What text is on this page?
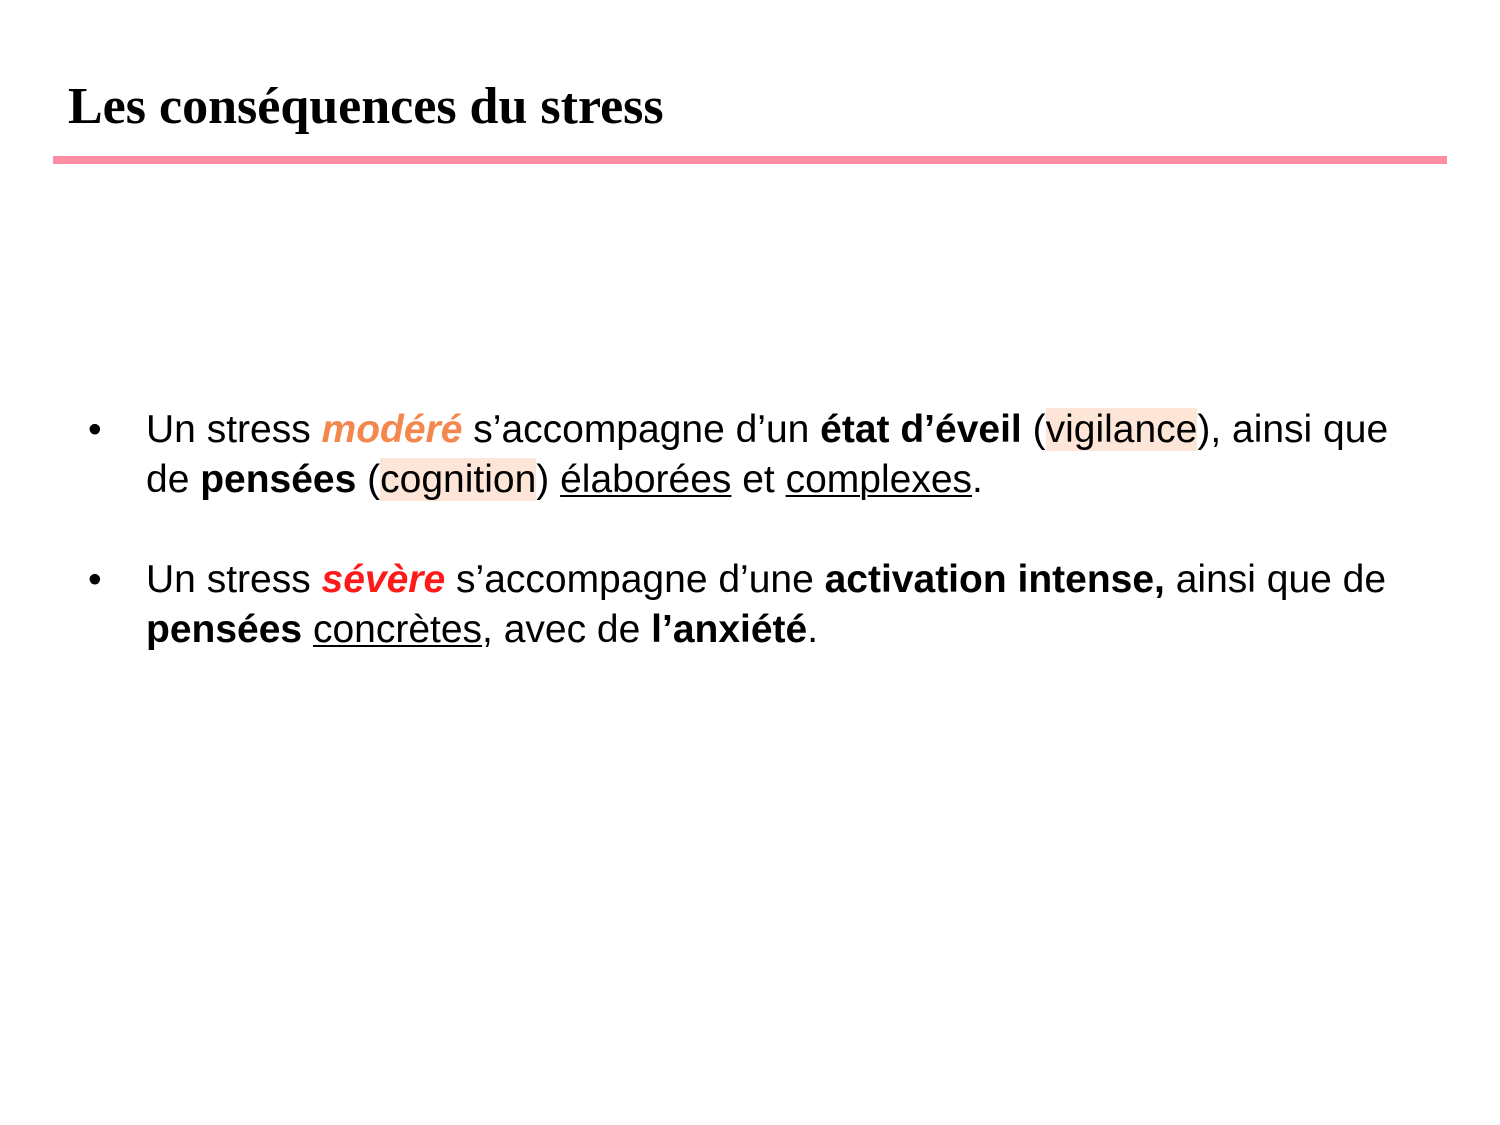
Les conséquences du stress
• Un stress modéré s’accompagne d’un état d’éveil (vigilance), ainsi que de pensées (cognition) élaborées et complexes.
• Un stress sévère s’accompagne d’une activation intense, ainsi que de pensées concrètes, avec de l’anxiété.
